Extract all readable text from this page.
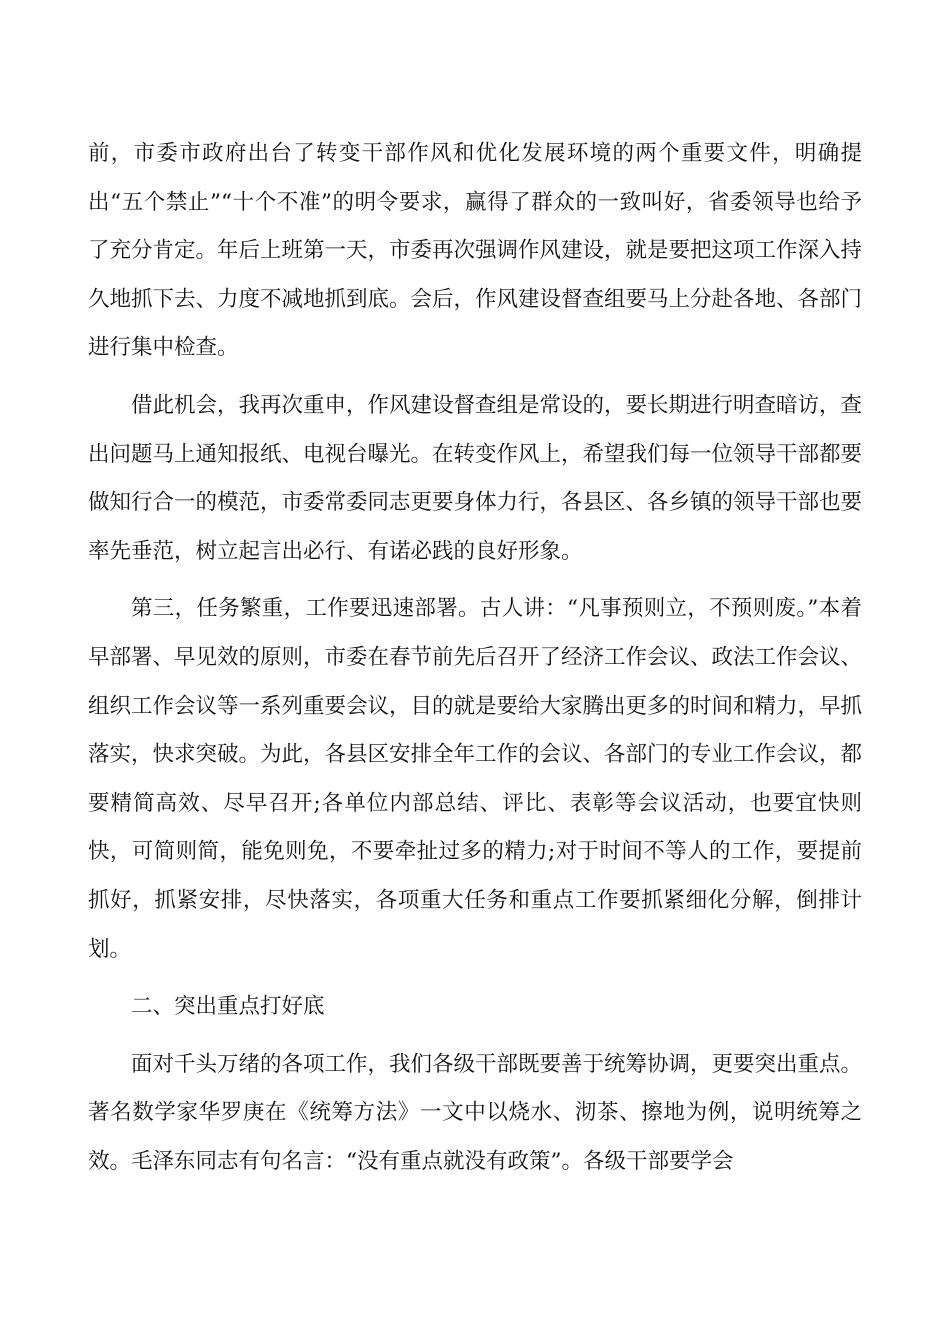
前，市委市政府出台了转变干部作风和优化发展环境的两个重要文件，明确提出“五个禁止”“十个不准”的明令要求，赢得了群众的一致叫好，省委领导也给予了充分肯定。年后上班第一天，市委再次强调作风建设，就是要把这项工作深入持久地抓下去、力度不减地抓到底。会后，作风建设督查组要马上分赴各地、各部门进行集中检查。

借此机会，我再次重申，作风建设督查组是常设的，要长期进行明查暗访，查出问题马上通知报纸、电视台曝光。在转变作风上，希望我们每一位领导干部都要做知行合一的模范，市委常委同志更要身体力行，各县区、各乡镇的领导干部也要率先垂范，树立起言出必行、有诺必践的良好形象。

第三，任务繁重，工作要迅速部署。古人讲：“凡事预则立，不预则废。”本着早部署、早见效的原则，市委在春节前先后召开了经济工作会议、政法工作会议、组织工作会议等一系列重要会议，目的就是要给大家腾出更多的时间和精力，早抓落实，快求突破。为此，各县区安排全年工作的会议、各部门的专业工作会议，都要精简高效、尽早召开;各单位内部总结、评比、表彰等会议活动，也要宜快则快，可简则简，能免则免，不要牵扯过多的精力;对于时间不等人的工作，要提前抓好，抓紧安排，尽快落实，各项重大任务和重点工作要抓紧细化分解，倒排计划。

二、突出重点打好底

面对千头万绪的各项工作，我们各级干部既要善于统筹协调，更要突出重点。著名数学家华罗庚在《统筹方法》一文中以烧水、沏茶、擦地为例，说明统筹之效。毛泽东同志有句名言：“没有重点就没有政策”。各级干部要学会
